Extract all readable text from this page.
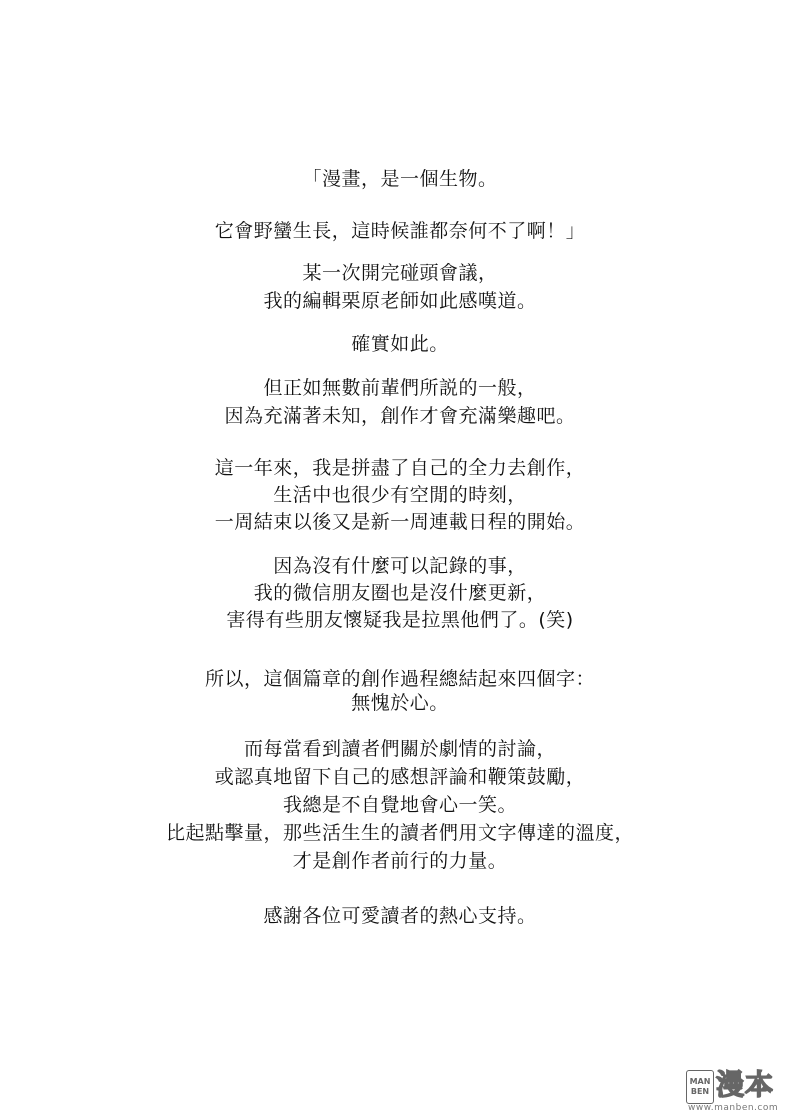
「漫畫，是一個生物。
它會野蠻生長，這時候誰都奈何不了啊！」
某一次開完碰頭會議，
我的編輯栗原老師如此感嘆道。
確實如此。
但正如無數前輩們所説的一般，
因為充滿著未知，創作才會充滿樂趣吧。
這一年來，我是拼盡了自己的全力去創作，
生活中也很少有空閒的時刻，
一周結束以後又是新一周連載日程的開始。
因為沒有什麼可以記錄的事，
我的微信朋友圈也是沒什麼更新，
害得有些朋友懷疑我是拉黑他們了。(笑)
所以，這個篇章的創作過程總結起來四個字：
無愧於心。
而每當看到讀者們關於劇情的討論，
或認真地留下自己的感想評論和鞭策鼓勵，
我總是不自覺地會心一笑。
比起點擊量，那些活生生的讀者們用文字傳達的溫度，
才是創作者前行的力量。
感謝各位可愛讀者的熱心支持。
MAN
BEN 漫本
www.manben.com
